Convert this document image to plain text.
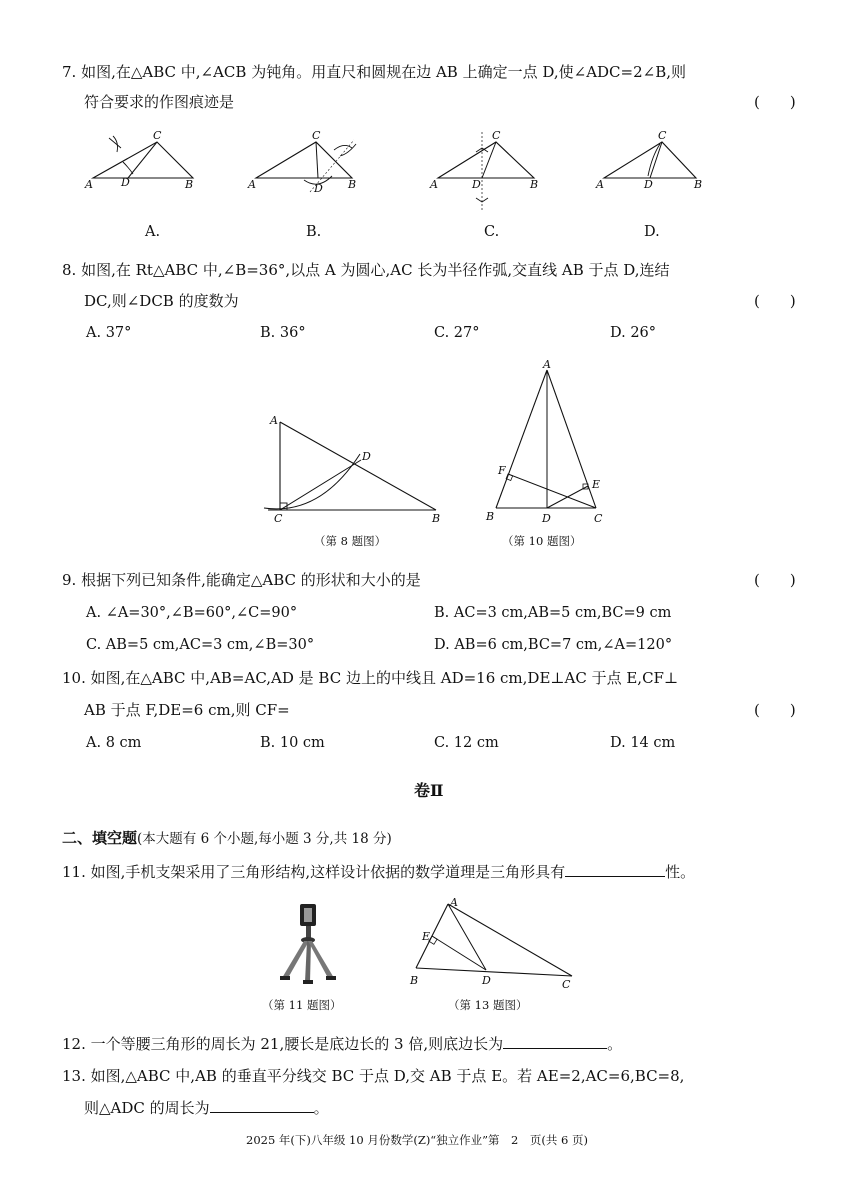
7. 如图,在△ABC 中,∠ACB 为钝角。用直尺和圆规在边 AB 上确定一点 D,使∠ADC=2∠B,则
符合要求的作图痕迹是	(　　)
A
C
B
D	A
C
B
D	A
C
B
D	A
C
B
D
A.	B.	C.	D.
8. 如图,在 Rt△ABC 中,∠B=36°,以点 A 为圆心,AC 长为半径作弧,交直线 AB 于点 D,连结
DC,则∠DCB 的度数为	(　　)
A. 37°	B. 36°	C. 27°	D. 26°
A
D
C	B
（第 8 题图）
A
F
E
B	D	C
（第 10 题图）
9. 根据下列已知条件,能确定△ABC 的形状和大小的是	(　　)
A. ∠A=30°,∠B=60°,∠C=90°	B. AC=3 cm,AB=5 cm,BC=9 cm
C. AB=5 cm,AC=3 cm,∠B=30°	D. AB=6 cm,BC=7 cm,∠A=120°
10. 如图,在△ABC 中,AB=AC,AD 是 BC 边上的中线且 AD=16 cm,DE⊥AC 于点 E,CF⊥
AB 于点 F,DE=6 cm,则 CF=	(　　)
A. 8 cm	B. 10 cm	C. 12 cm	D. 14 cm
卷Ⅱ
二、填空题(本大题有 6 个小题,每小题 3 分,共 18 分)
11. 如图,手机支架采用了三角形结构,这样设计依据的数学道理是三角形具有	性。
（第 11 题图）
A
E
B	D	C
（第 13 题图）
12. 一个等腰三角形的周长为 21,腰长是底边长的 3 倍,则底边长为	。
13. 如图,△ABC 中,AB 的垂直平分线交 BC 于点 D,交 AB 于点 E。若 AE=2,AC=6,BC=8,
则△ADC 的周长为	。
2025 年(下)八年级 10 月份数学(Z)“独立作业”第　2　页(共 6 页)
